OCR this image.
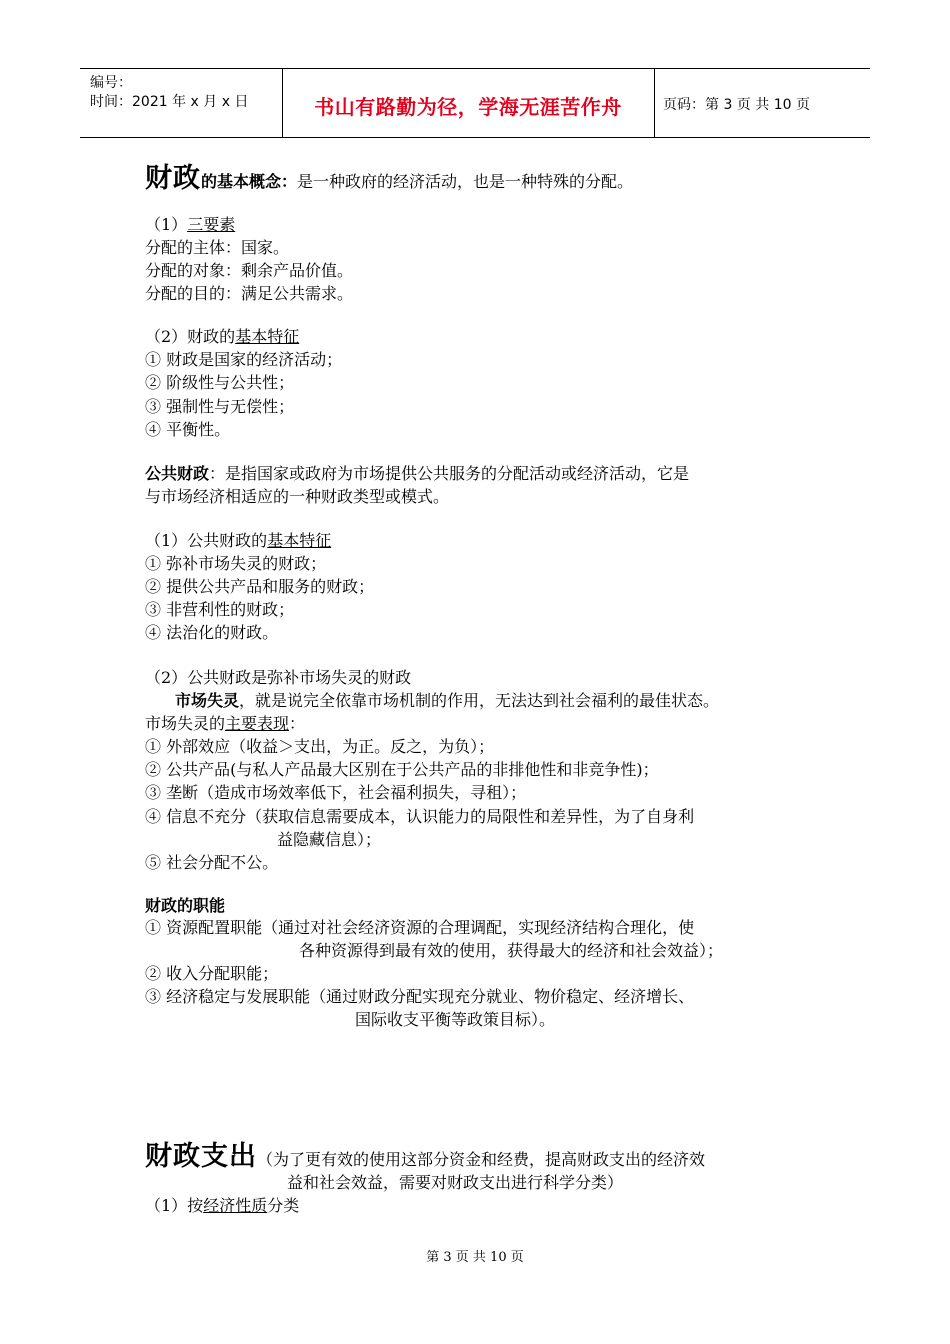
编号：
时间：2021 年 x 月 x 日	书山有路勤为径，学海无涯苦作舟	页码：第 3 页 共 10 页
财政的基本概念：是一种政府的经济活动，也是一种特殊的分配。
（1）三要素
分配的主体：国家。
分配的对象：剩余产品价值。
分配的目的：满足公共需求。
（2）财政的基本特征
① 财政是国家的经济活动；
② 阶级性与公共性；
③ 强制性与无偿性；
④ 平衡性。
公共财政：是指国家或政府为市场提供公共服务的分配活动或经济活动，它是
与市场经济相适应的一种财政类型或模式。
（1）公共财政的基本特征
① 弥补市场失灵的财政；
② 提供公共产品和服务的财政；
③ 非营利性的财政；
④ 法治化的财政。
（2）公共财政是弥补市场失灵的财政
市场失灵，就是说完全依靠市场机制的作用，无法达到社会福利的最佳状态。
市场失灵的主要表现：
① 外部效应（收益＞支出，为正。反之，为负）；
② 公共产品(与私人产品最大区别在于公共产品的非排他性和非竞争性)；
③ 垄断（造成市场效率低下，社会福利损失，寻租）；
④ 信息不充分（获取信息需要成本，认识能力的局限性和差异性，为了自身利
益隐藏信息）；
⑤ 社会分配不公。
财政的职能
① 资源配置职能（通过对社会经济资源的合理调配，实现经济结构合理化，使
各种资源得到最有效的使用，获得最大的经济和社会效益）；
② 收入分配职能；
③ 经济稳定与发展职能（通过财政分配实现充分就业、物价稳定、经济增长、
国际收支平衡等政策目标）。
财政支出（为了更有效的使用这部分资金和经费，提高财政支出的经济效
益和社会效益，需要对财政支出进行科学分类）
（1）按经济性质分类
第 3 页 共 10 页
